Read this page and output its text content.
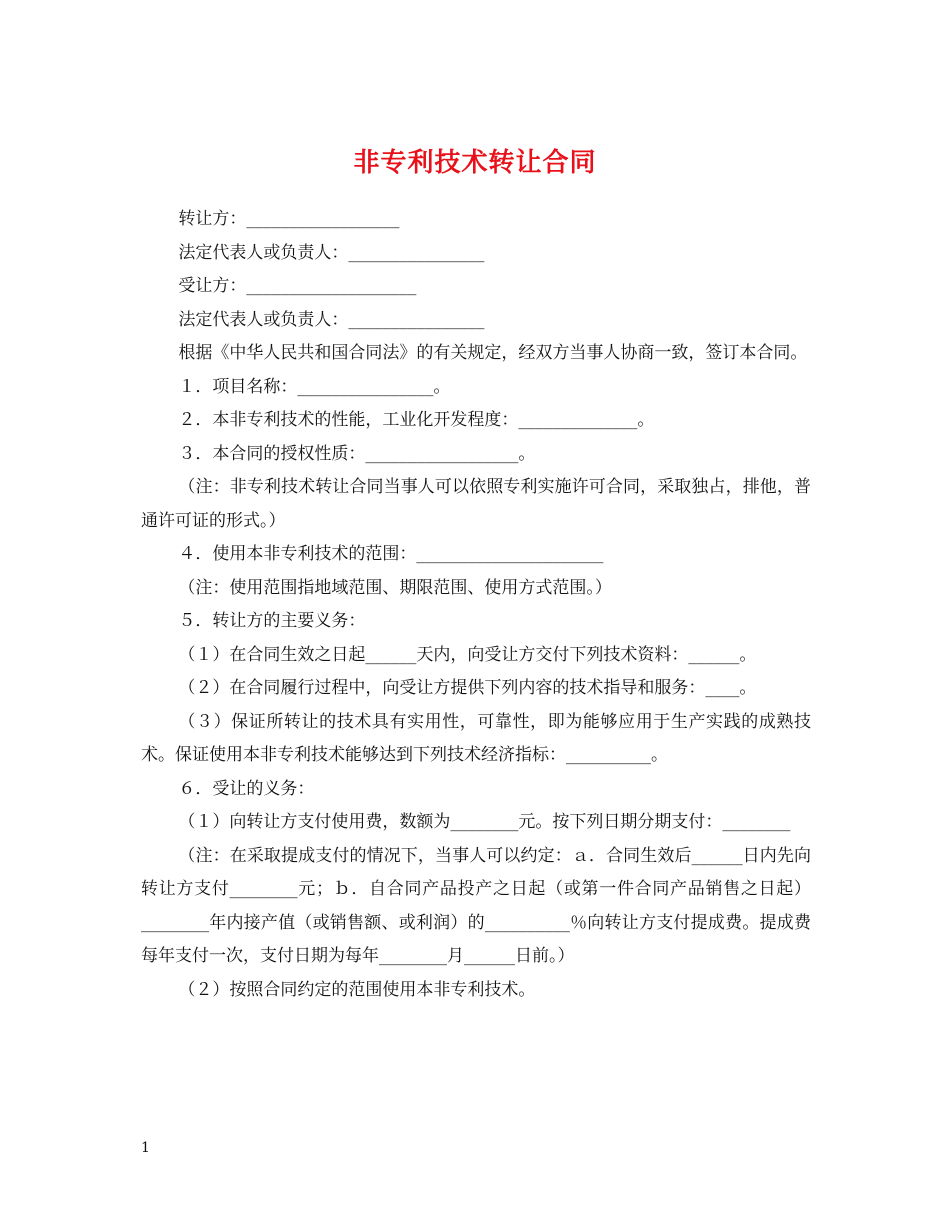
非专利技术转让合同

转让方：__________________

法定代表人或负责人：________________

受让方：____________________

法定代表人或负责人：________________

根据《中华人民共和国合同法》的有关规定，经双方当事人协商一致，签订本合同。

１．项目名称：________________。

２．本非专利技术的性能，工业化开发程度：______________。

３．本合同的授权性质：__________________。

（注：非专利技术转让合同当事人可以依照专利实施许可合同，采取独占，排他，普通许可证的形式。）

４．使用本非专利技术的范围：______________________

（注：使用范围指地域范围、期限范围、使用方式范围。）

５．转让方的主要义务：

（１）在合同生效之日起______天内，向受让方交付下列技术资料：______。

（２）在合同履行过程中，向受让方提供下列内容的技术指导和服务：____。

（３）保证所转让的技术具有实用性，可靠性，即为能够应用于生产实践的成熟技术。保证使用本非专利技术能够达到下列技术经济指标：__________。

６．受让的义务：

（１）向转让方支付使用费，数额为________元。按下列日期分期支付：________

（注：在采取提成支付的情况下，当事人可以约定：ａ．合同生效后______日内先向转让方支付________元；ｂ．自合同产品投产之日起（或第一件合同产品销售之日起）________年内接产值（或销售额、或利润）的__________％向转让方支付提成费。提成费每年支付一次，支付日期为每年________月______日前。）

（２）按照合同约定的范围使用本非专利技术。

1
